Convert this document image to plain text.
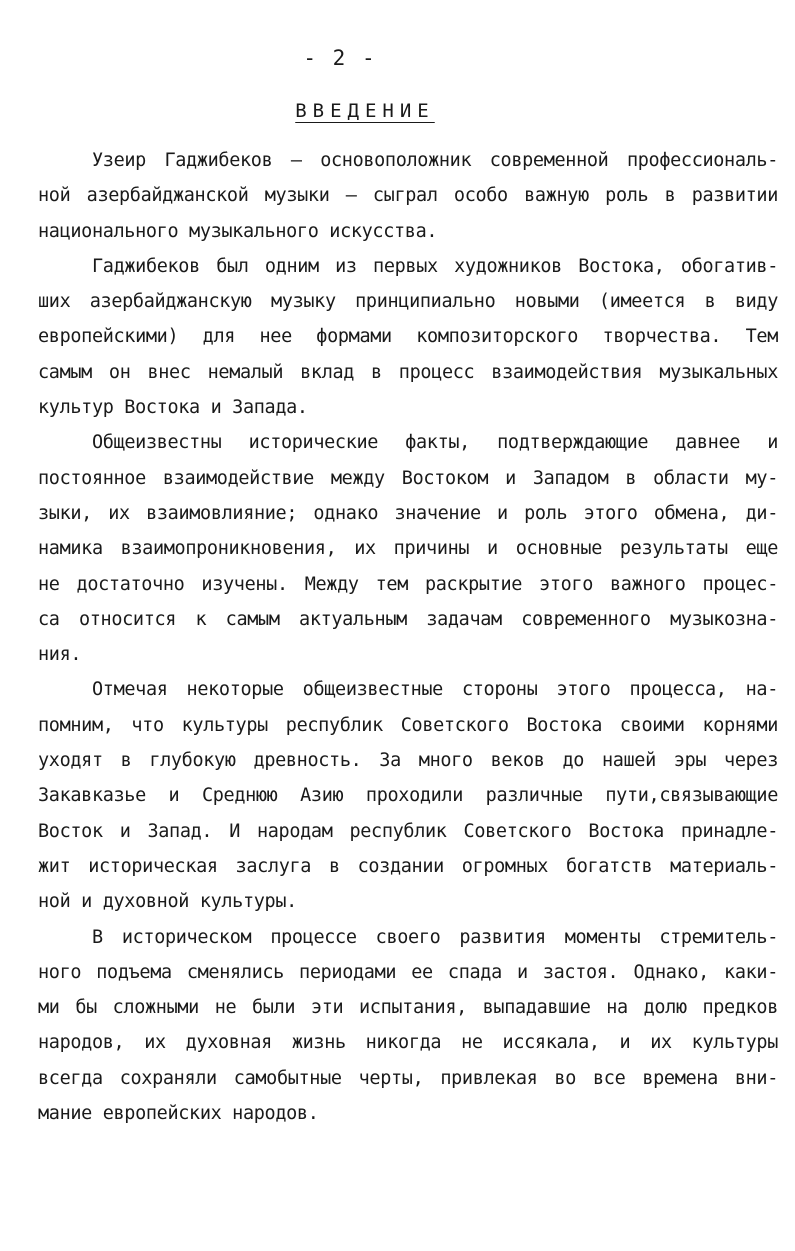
- 2 -
ВВЕДЕНИЕ
Узеир Гаджибеков – основоположник современной профессиональ-
ной азербайджанской музыки – сыграл особо важную роль в развитии
национального музыкального искусства.
Гаджибеков был одним из первых художников Востока, обогатив-
ших азербайджанскую музыку принципиально новыми (имеется в виду
европейскими) для нее формами композиторского творчества. Тем
самым он внес немалый вклад в процесс взаимодействия музыкальных
культур Востока и Запада.
Общеизвестны исторические факты, подтверждающие давнее и
постоянное взаимодействие между Востоком и Западом в области му-
зыки, их взаимовлияние; однако значение и роль этого обмена, ди-
намика взаимопроникновения, их причины и основные результаты еще
не достаточно изучены. Между тем раскрытие этого важного процес-
са относится к самым актуальным задачам современного музыкозна-
ния.
Отмечая некоторые общеизвестные стороны этого процесса, на-
помним, что культуры республик Советского Востока своими корнями
уходят в глубокую древность. За много веков до нашей эры через
Закавказье и Среднюю Азию проходили различные пути,связывающие
Восток и Запад. И народам республик Советского Востока принадле-
жит историческая заслуга в создании огромных богатств материаль-
ной и духовной культуры.
В историческом процессе своего развития моменты стремитель-
ного подъема сменялись периодами ее спада и застоя. Однако, каки-
ми бы сложными не были эти испытания, выпадавшие на долю предков
народов, их духовная жизнь никогда не иссякала, и их культуры
всегда сохраняли самобытные черты, привлекая во все времена вни-
мание европейских народов.
